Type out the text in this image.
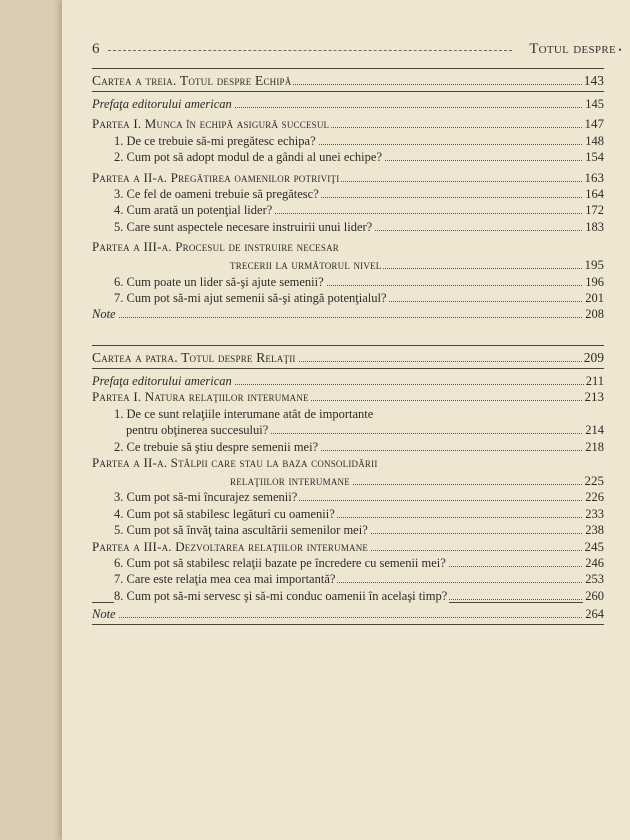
6	Totul despre •
Cartea a treia. Totul despre Echipă	143
Prefaţa editorului american	145
Partea I. Munca în echipă asigură succesul	147
1. De ce trebuie să-mi pregătesc echipa?	148
2. Cum pot să adopt modul de a gândi al unei echipe?	154
Partea a II-a. Pregătirea oamenilor potriviţi	163
3. Ce fel de oameni trebuie să pregătesc?	164
4. Cum arată un potenţial lider?	172
5. Care sunt aspectele necesare instruirii unui lider?	183
Partea a III-a. Procesul de instruire necesar
trecerii la următorul nivel	195
6. Cum poate un lider să-şi ajute semenii?	196
7. Cum pot să-mi ajut semenii să-şi atingă potenţialul?	201
Note	208
Cartea a patra. Totul despre Relaţii	209
Prefaţa editorului american	211
Partea I. Natura relaţiilor interumane	213
1. De ce sunt relaţiile interumane atât de importante
pentru obţinerea succesului?	214
2. Ce trebuie să ştiu despre semenii mei?	218
Partea a II-a. Stâlpii care stau la baza consolidării
relaţiilor interumane	225
3. Cum pot să-mi încurajez semenii?	226
4. Cum pot să stabilesc legături cu oamenii?	233
5. Cum pot să învăţ taina ascultării semenilor mei?	238
Partea a III-a. Dezvoltarea relaţiilor interumane	245
6. Cum pot să stabilesc relaţii bazate pe încredere cu semenii mei?	246
7. Care este relaţia mea cea mai importantă?	253
8. Cum pot să-mi servesc şi să-mi conduc oamenii în acelaşi timp?	260
Note	264
